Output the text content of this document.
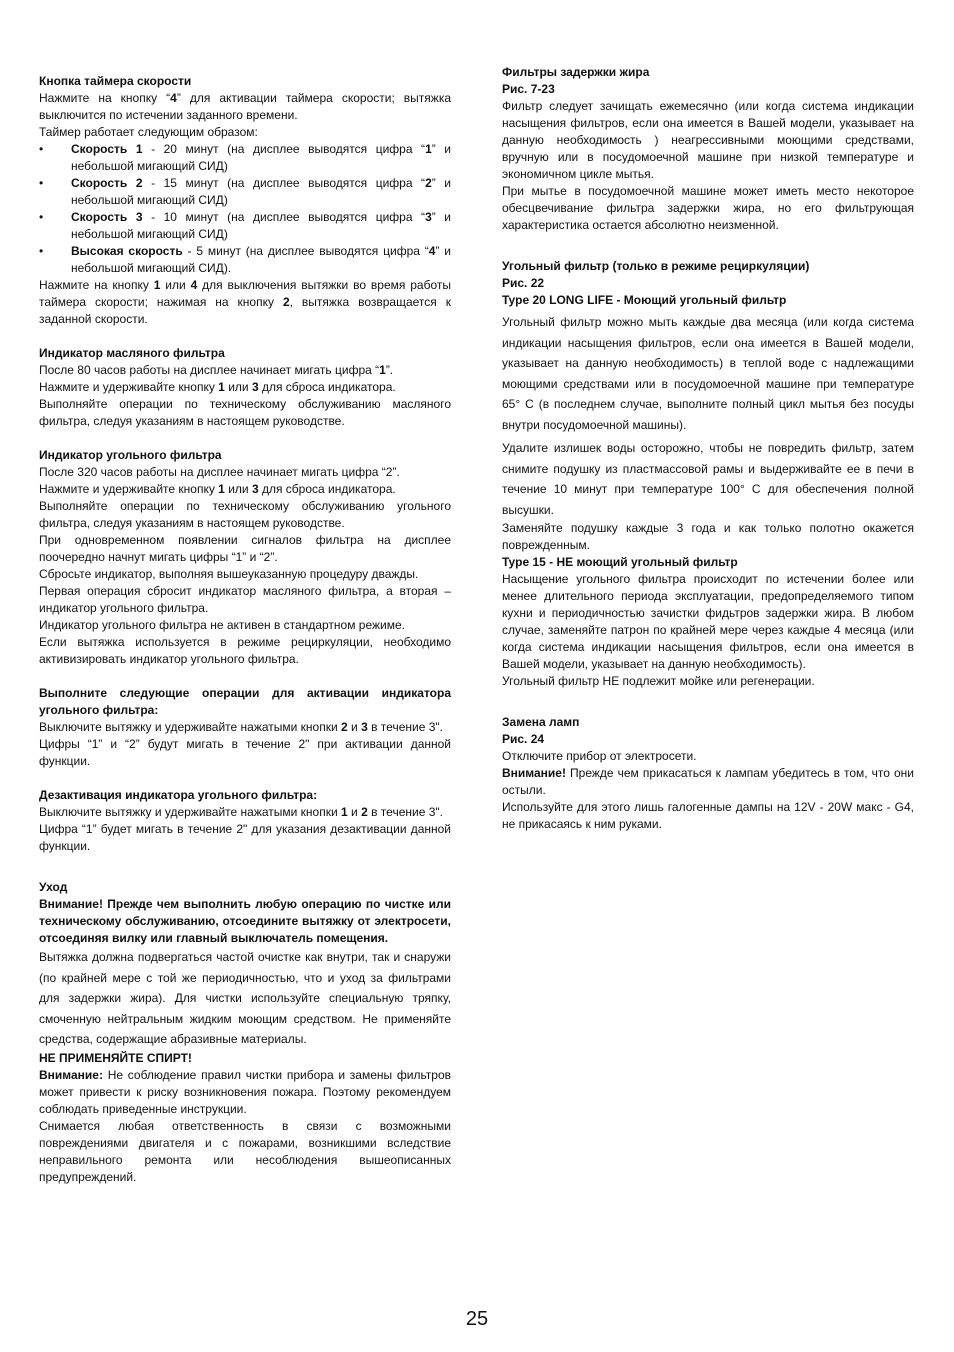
Кнопка таймера скорости

Нажмите на кнопку “4” для активации таймера скорости; вытяжка выключится по истечении заданного времени.

Таймер работает следующим образом:

• Скорость 1 - 20 минут (на дисплее выводятся цифра “1” и небольшой мигающий СИД)
• Скорость 2 - 15 минут (на дисплее выводятся цифра “2” и небольшой мигающий СИД)
• Скорость 3 - 10 минут (на дисплее выводятся цифра “3” и небольшой мигающий СИД)
• Высокая скорость - 5 минут (на дисплее выводятся цифра “4” и небольшой мигающий СИД).

Нажмите на кнопку 1 или 4 для выключения вытяжки во время работы таймера скорости; нажимая на кнопку 2, вытяжка возвращается к заданной скорости.

Индикатор масляного фильтра

После 80 часов работы на дисплее начинает мигать цифра “1”.

Нажмите и удерживайте кнопку 1 или 3 для сброса индикатора.

Выполняйте операции по техническому обслуживанию масляного фильтра, следуя указаниям в настоящем руководстве.

Индикатор угольного фильтра

После 320 часов работы на дисплее начинает мигать цифра “2”.

Нажмите и удерживайте кнопку 1 или 3 для сброса индикатора.

Выполняйте операции по техническому обслуживанию угольного фильтра, следуя указаниям в настоящем руководстве.

При одновременном появлении сигналов фильтра на дисплее поочередно начнут мигать цифры “1” и “2”.

Сбросьте индикатор, выполняя вышеуказанную процедуру дважды.

Первая операция сбросит индикатор масляного фильтра, а вторая – индикатор угольного фильтра.

Индикатор угольного фильтра не активен в стандартном режиме.

Если вытяжка используется в режиме рециркуляции, необходимо активизировать индикатор угольного фильтра.

Выполните следующие операции для активации индикатора угольного фильтра:

Выключите вытяжку и удерживайте нажатыми кнопки 2 и 3 в течение 3".

Цифры “1” и “2” будут мигать в течение 2" при активации данной функции.

Дезактивация индикатора угольного фильтра:

Выключите вытяжку и удерживайте нажатыми кнопки 1 и 2 в течение 3".

Цифра “1” будет мигать в течение 2" для указания дезактивации данной функции.

Уход

Внимание! Прежде чем выполнить любую операцию по чистке или техническому обслуживанию, отсоедините вытяжку от электросети, отсоединяя вилку или главный выключатель помещения.

Вытяжка должна подвергаться частой очистке как внутри, так и снаружи (по крайней мере с той же периодичностью, что и уход за фильтрами для задержки жира). Для чистки используйте специальную тряпку, смоченную нейтральным жидким моющим средством. Не применяйте средства, содержащие абразивные материалы.

НЕ ПРИМЕНЯЙТЕ СПИРТ!

Внимание: Не соблюдение правил чистки прибора и замены фильтров может привести к риску возникновения пожара. Поэтому рекомендуем соблюдать приведенные инструкции.

Снимается любая ответственность в связи с возможными повреждениями двигателя и с пожарами, возникшими вследствие неправильного ремонта или несоблюдения вышеописанных предупреждений.

Фильтры задержки жира

Рис. 7-23

Фильтр следует зачищать ежемесячно (или когда система индикации насыщения фильтров, если она имеется в Вашей модели, указывает на данную необходимость ) неагрессивными моющими средствами, вручную или в посудомоечной машине при низкой температуре и экономичном цикле мытья.

При мытье в посудомоечной машине может иметь место некоторое обесцвечивание фильтра задержки жира, но его фильтрующая характеристика остается абсолютно неизменной.

Угольный фильтр (только в режиме рециркуляции)

Рис. 22

Type 20 LONG LIFE - Моющий угольный фильтр

Угольный фильтр можно мыть каждые два месяца (или когда система индикации насыщения фильтров, если она имеется в Вашей модели, указывает на данную необходимость) в теплой воде с надлежащими моющими средствами или в посудомоечной машине при температуре 65° C (в последнем случае, выполните полный цикл мытья без посуды внутри посудомоечной машины).

Удалите излишек воды осторожно, чтобы не повредить фильтр, затем снимите подушку из пластмассовой рамы и выдерживайте ее в печи в течение 10 минут при температуре 100° C для обеспечения полной высушки.

Заменяйте подушку каждые 3 года и как только полотно окажется поврежденным.

Type 15 - НЕ моющий угольный фильтр

Насыщение угольного фильтра происходит по истечении более или менее длительного периода эксплуатации, предопределяемого типом кухни и периодичностью зачистки фидьтров задержки жира. В любом случае, заменяйте патрон по крайней мере через каждые 4 месяца (или когда система индикации насыщения фильтров, если она имеется в Вашей модели, указывает на данную необходимость).

Угольный фильтр НЕ подлежит мойке или регенерации.

Замена ламп

Рис. 24

Отключите прибор от электросети.

Внимание! Прежде чем прикасаться к лампам убедитесь в том, что они остыли.

Используйте для этого лишь галогенные дампы на 12V - 20W макс - G4, не прикасаясь к ним руками.

25
